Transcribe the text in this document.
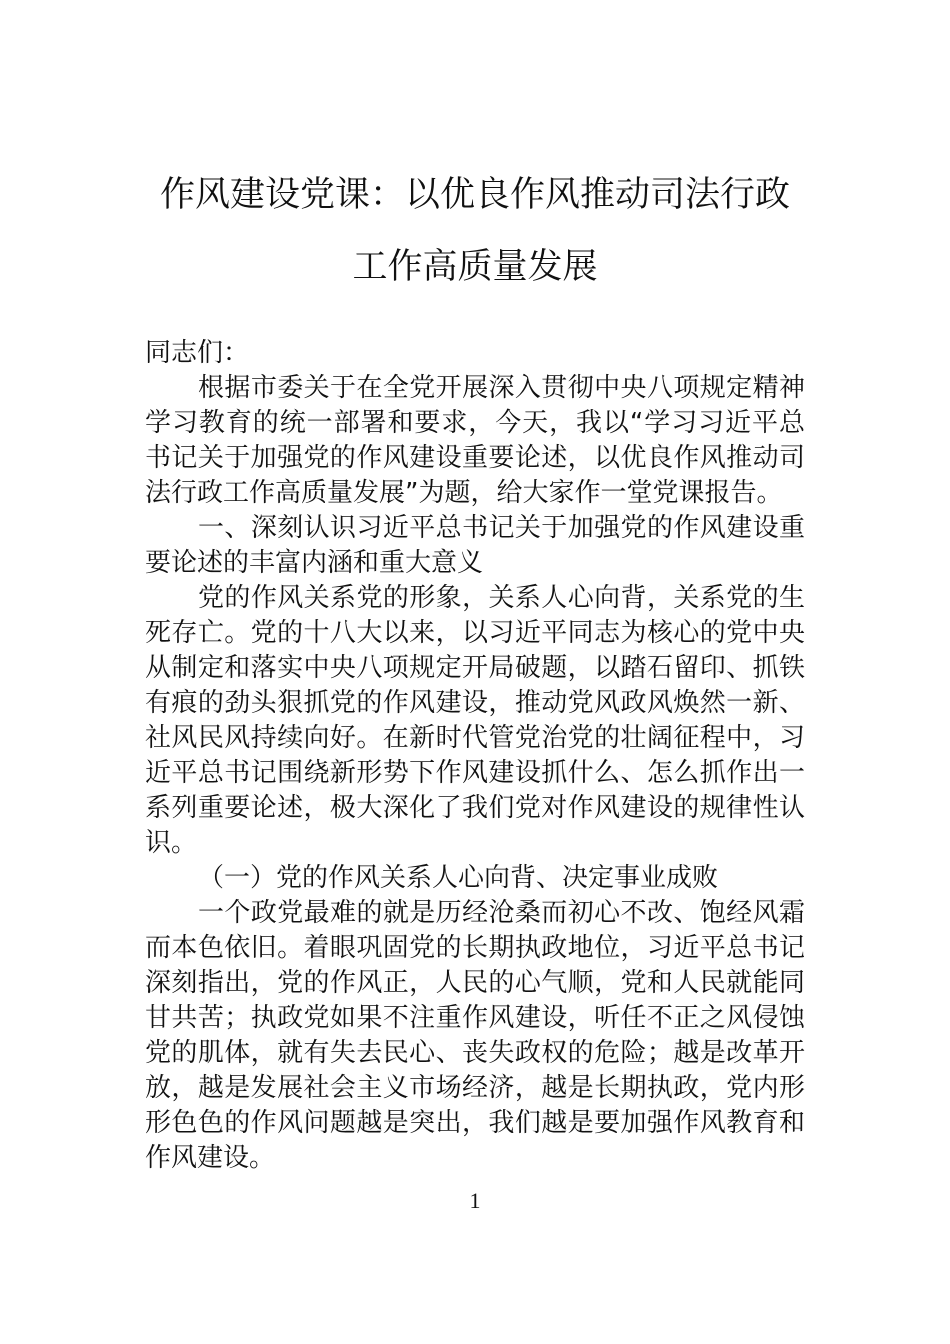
作风建设党课：以优良作风推动司法行政
工作高质量发展
同志们：
根据市委关于在全党开展深入贯彻中央八项规定精神
学习教育的统一部署和要求，今天，我以“学习习近平总
书记关于加强党的作风建设重要论述，以优良作风推动司
法行政工作高质量发展”为题，给大家作一堂党课报告。
一、深刻认识习近平总书记关于加强党的作风建设重
要论述的丰富内涵和重大意义
党的作风关系党的形象，关系人心向背，关系党的生
死存亡。党的十八大以来，以习近平同志为核心的党中央
从制定和落实中央八项规定开局破题，以踏石留印、抓铁
有痕的劲头狠抓党的作风建设，推动党风政风焕然一新、
社风民风持续向好。在新时代管党治党的壮阔征程中，习
近平总书记围绕新形势下作风建设抓什么、怎么抓作出一
系列重要论述，极大深化了我们党对作风建设的规律性认
识。
（一）党的作风关系人心向背、决定事业成败
一个政党最难的就是历经沧桑而初心不改、饱经风霜
而本色依旧。着眼巩固党的长期执政地位，习近平总书记
深刻指出，党的作风正，人民的心气顺，党和人民就能同
甘共苦；执政党如果不注重作风建设，听任不正之风侵蚀
党的肌体，就有失去民心、丧失政权的危险；越是改革开
放，越是发展社会主义市场经济，越是长期执政，党内形
形色色的作风问题越是突出，我们越是要加强作风教育和
作风建设。
1
